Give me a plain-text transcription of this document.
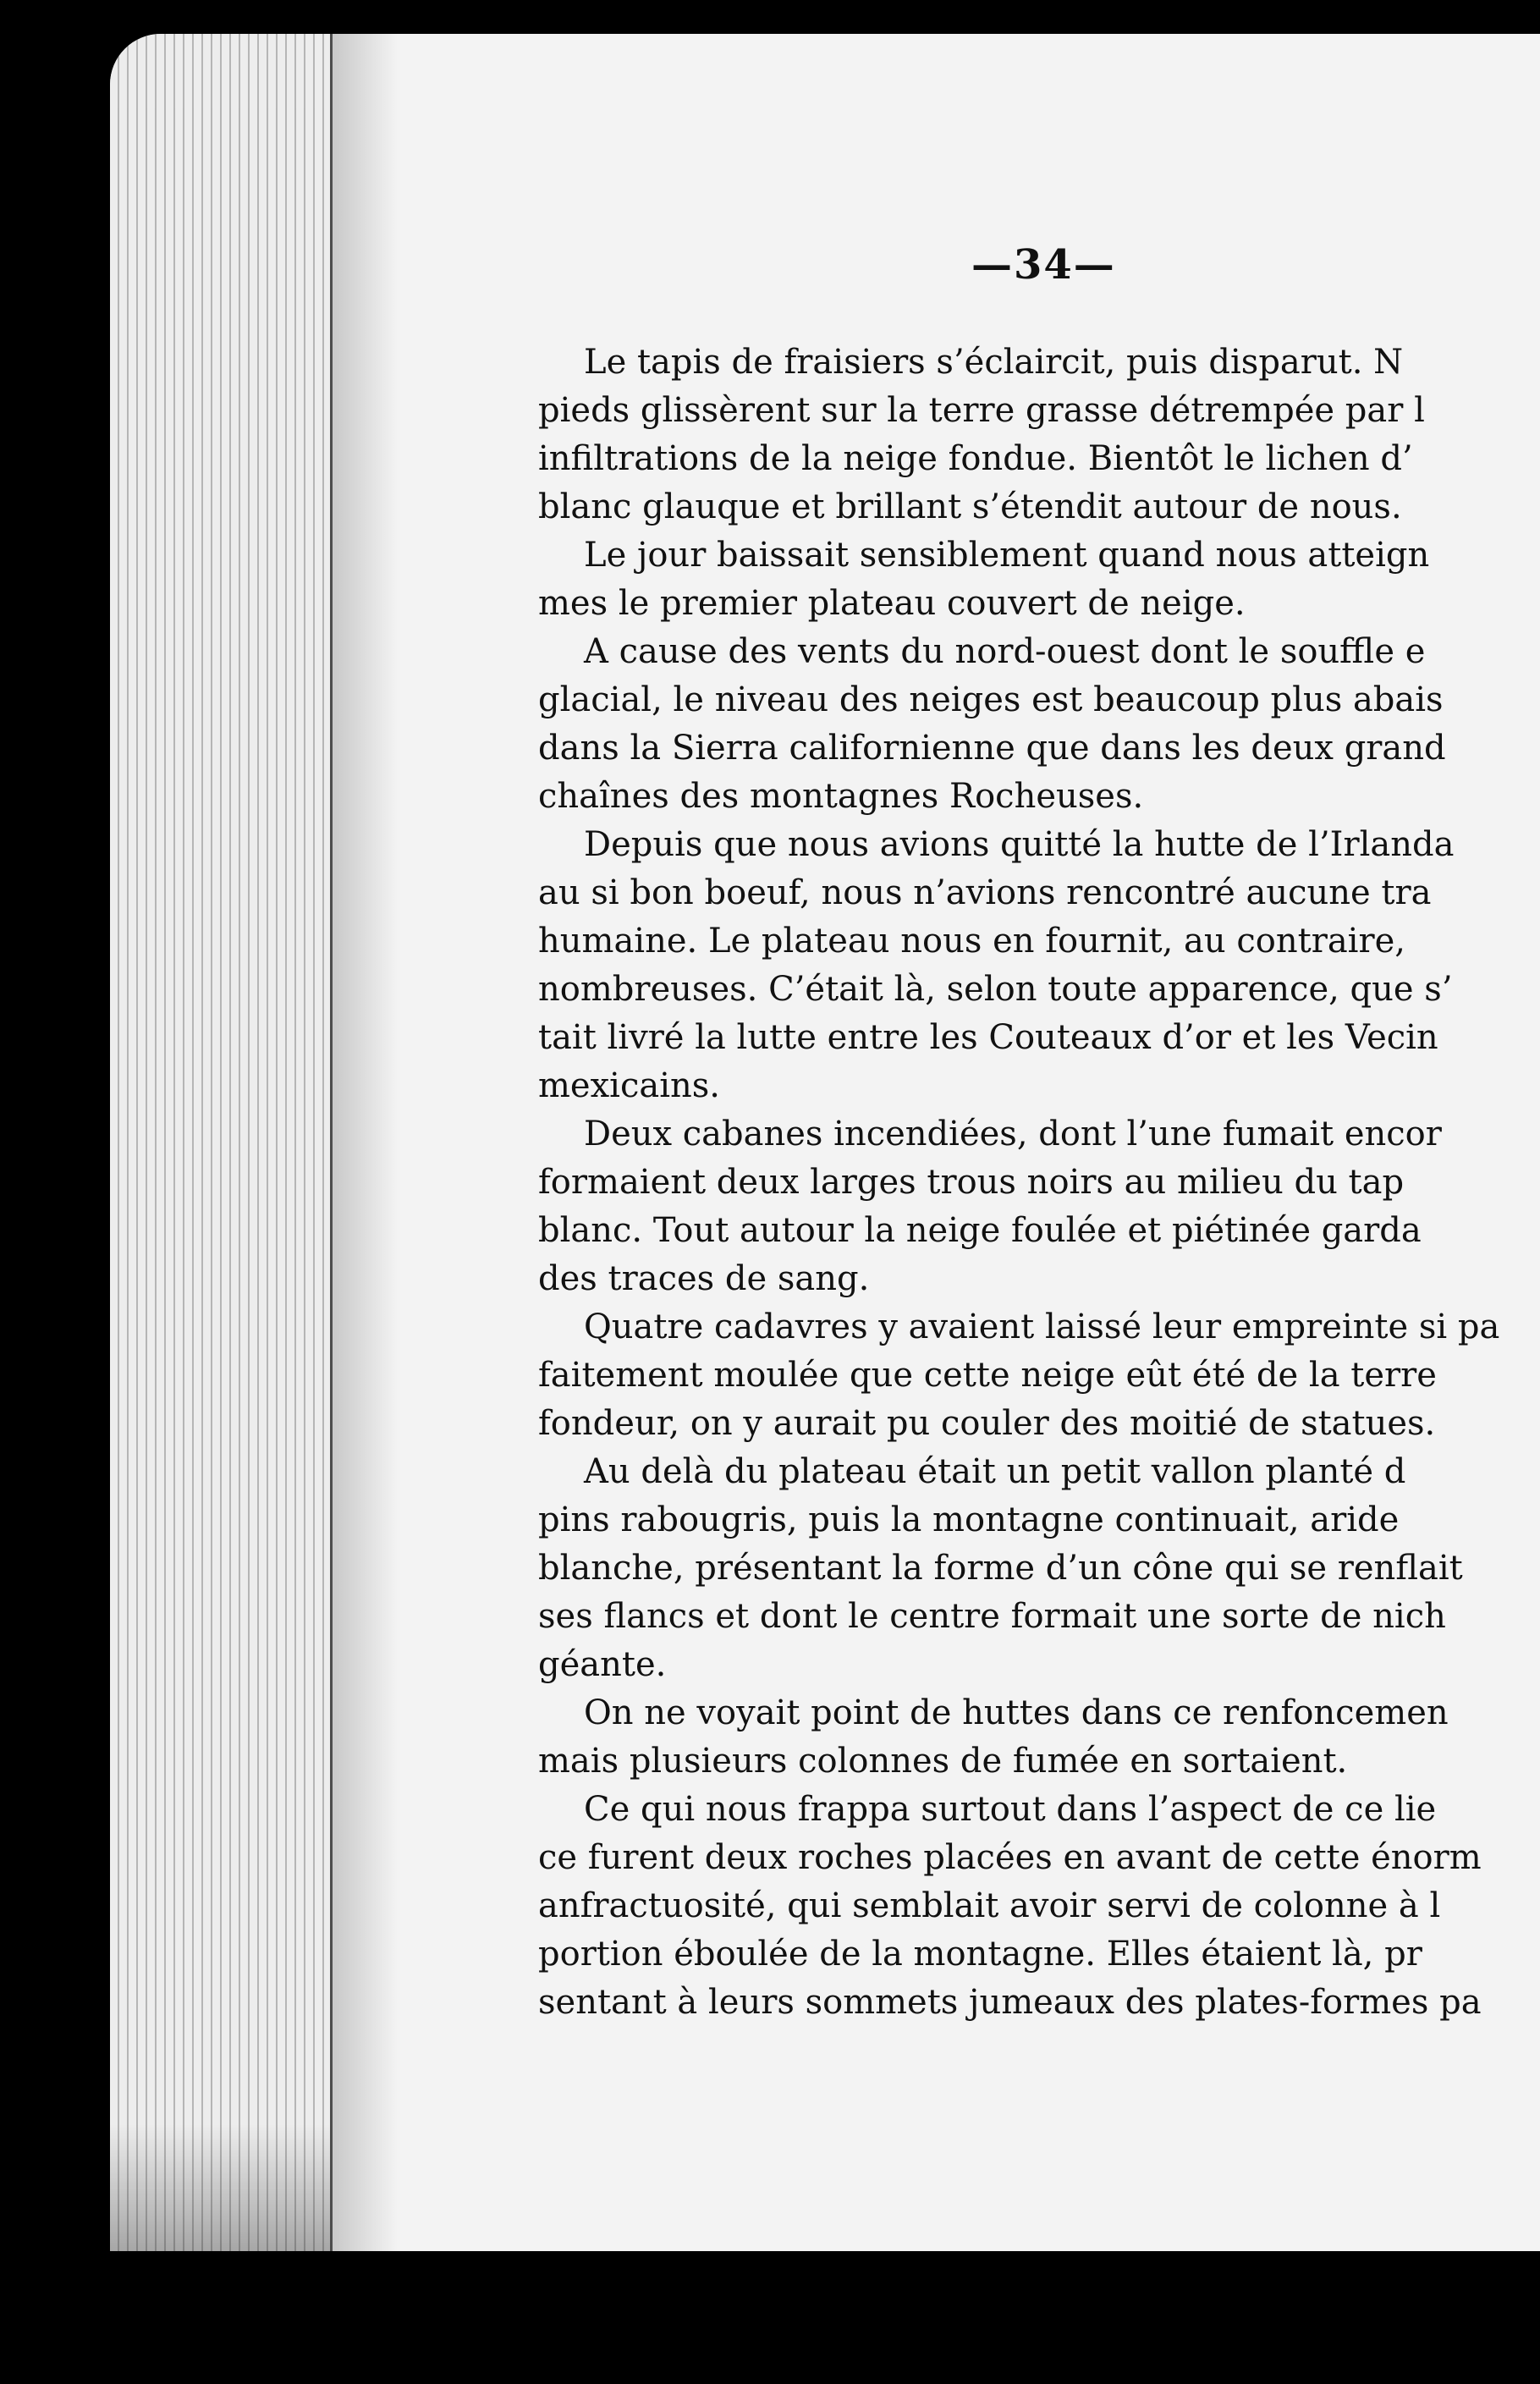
—34—
Le tapis de fraisiers s’éclaircit, puis disparut. N
pieds glissèrent sur la terre grasse détrempée par l
infiltrations de la neige fondue. Bientôt le lichen d’
blanc glauque et brillant s’étendit autour de nous.
Le jour baissait sensiblement quand nous atteign
mes le premier plateau couvert de neige.
A cause des vents du nord-ouest dont le souffle e
glacial, le niveau des neiges est beaucoup plus abais
dans la Sierra californienne que dans les deux grand
chaînes des montagnes Rocheuses.
Depuis que nous avions quitté la hutte de l’Irlanda
au si bon boeuf, nous n’avions rencontré aucune tra
humaine. Le plateau nous en fournit, au contraire,
nombreuses. C’était là, selon toute apparence, que s’
tait livré la lutte entre les Couteaux d’or et les Vecin
mexicains.
Deux cabanes incendiées, dont l’une fumait encor
formaient deux larges trous noirs au milieu du tap
blanc. Tout autour la neige foulée et piétinée garda
des traces de sang.
Quatre cadavres y avaient laissé leur empreinte si pa
faitement moulée que cette neige eût été de la terre
fondeur, on y aurait pu couler des moitié de statues.
Au delà du plateau était un petit vallon planté d
pins rabougris, puis la montagne continuait, aride
blanche, présentant la forme d’un cône qui se renflait
ses flancs et dont le centre formait une sorte de nich
géante.
On ne voyait point de huttes dans ce renfoncemen
mais plusieurs colonnes de fumée en sortaient.
Ce qui nous frappa surtout dans l’aspect de ce lie
ce furent deux roches placées en avant de cette énorm
anfractuosité, qui semblait avoir servi de colonne à l
portion éboulée de la montagne. Elles étaient là, pr
sentant à leurs sommets jumeaux des plates-formes pa
